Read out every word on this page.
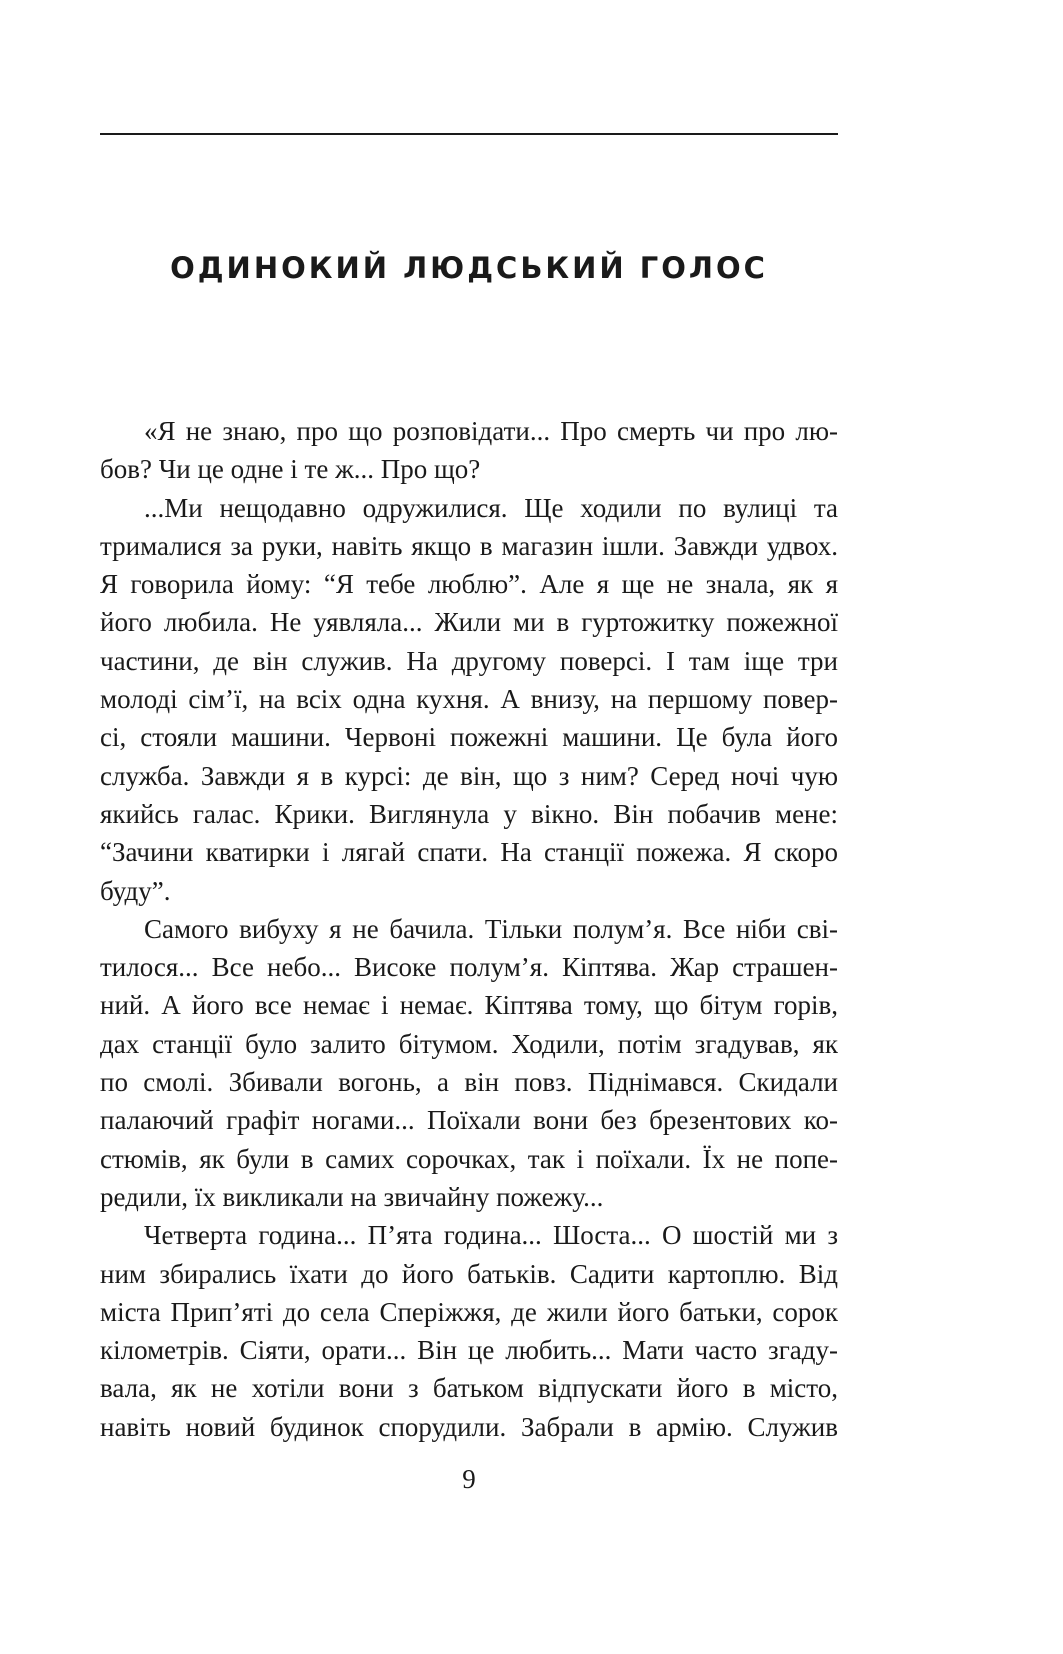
ОДИНОКИЙ ЛЮДСЬКИЙ ГОЛОС
«Я не знаю, про що розповідати... Про смерть чи про лю-
бов? Чи це одне і те ж... Про що?
...Ми нещодавно одружилися. Ще ходили по вулиці та
трималися за руки, навіть якщо в магазин ішли. Завжди удвох.
Я говорила йому: “Я тебе люблю”. Але я ще не знала, як я
його любила. Не уявляла... Жили ми в гуртожитку пожежної
частини, де він служив. На другому поверсі. І там іще три
молоді сім’ї, на всіх одна кухня. А внизу, на першому повер-
сі, стояли машини. Червоні пожежні машини. Це була його
служба. Завжди я в курсі: де він, що з ним? Серед ночі чую
якийсь галас. Крики. Виглянула у вікно. Він побачив мене:
“Зачини кватирки і лягай спати. На станції пожежа. Я скоро
буду”.
Самого вибуху я не бачила. Тільки полум’я. Все ніби сві-
тилося... Все небо... Високе полум’я. Кіптява. Жар страшен-
ний. А його все немає і немає. Кіптява тому, що бітум горів,
дах станції було залито бітумом. Ходили, потім згадував, як
по смолі. Збивали вогонь, а він повз. Піднімався. Скидали
палаючий графіт ногами... Поїхали вони без брезентових ко-
стюмів, як були в самих сорочках, так і поїхали. Їх не попе-
редили, їх викликали на звичайну пожежу...
Четверта година... П’ята година... Шоста... О шостій ми з
ним збирались їхати до його батьків. Садити картоплю. Від
міста Прип’яті до села Сперіжжя, де жили його батьки, сорок
кілометрів. Сіяти, орати... Він це любить... Мати часто згаду-
вала, як не хотіли вони з батьком відпускати його в місто,
навіть новий будинок спорудили. Забрали в армію. Служив
9
